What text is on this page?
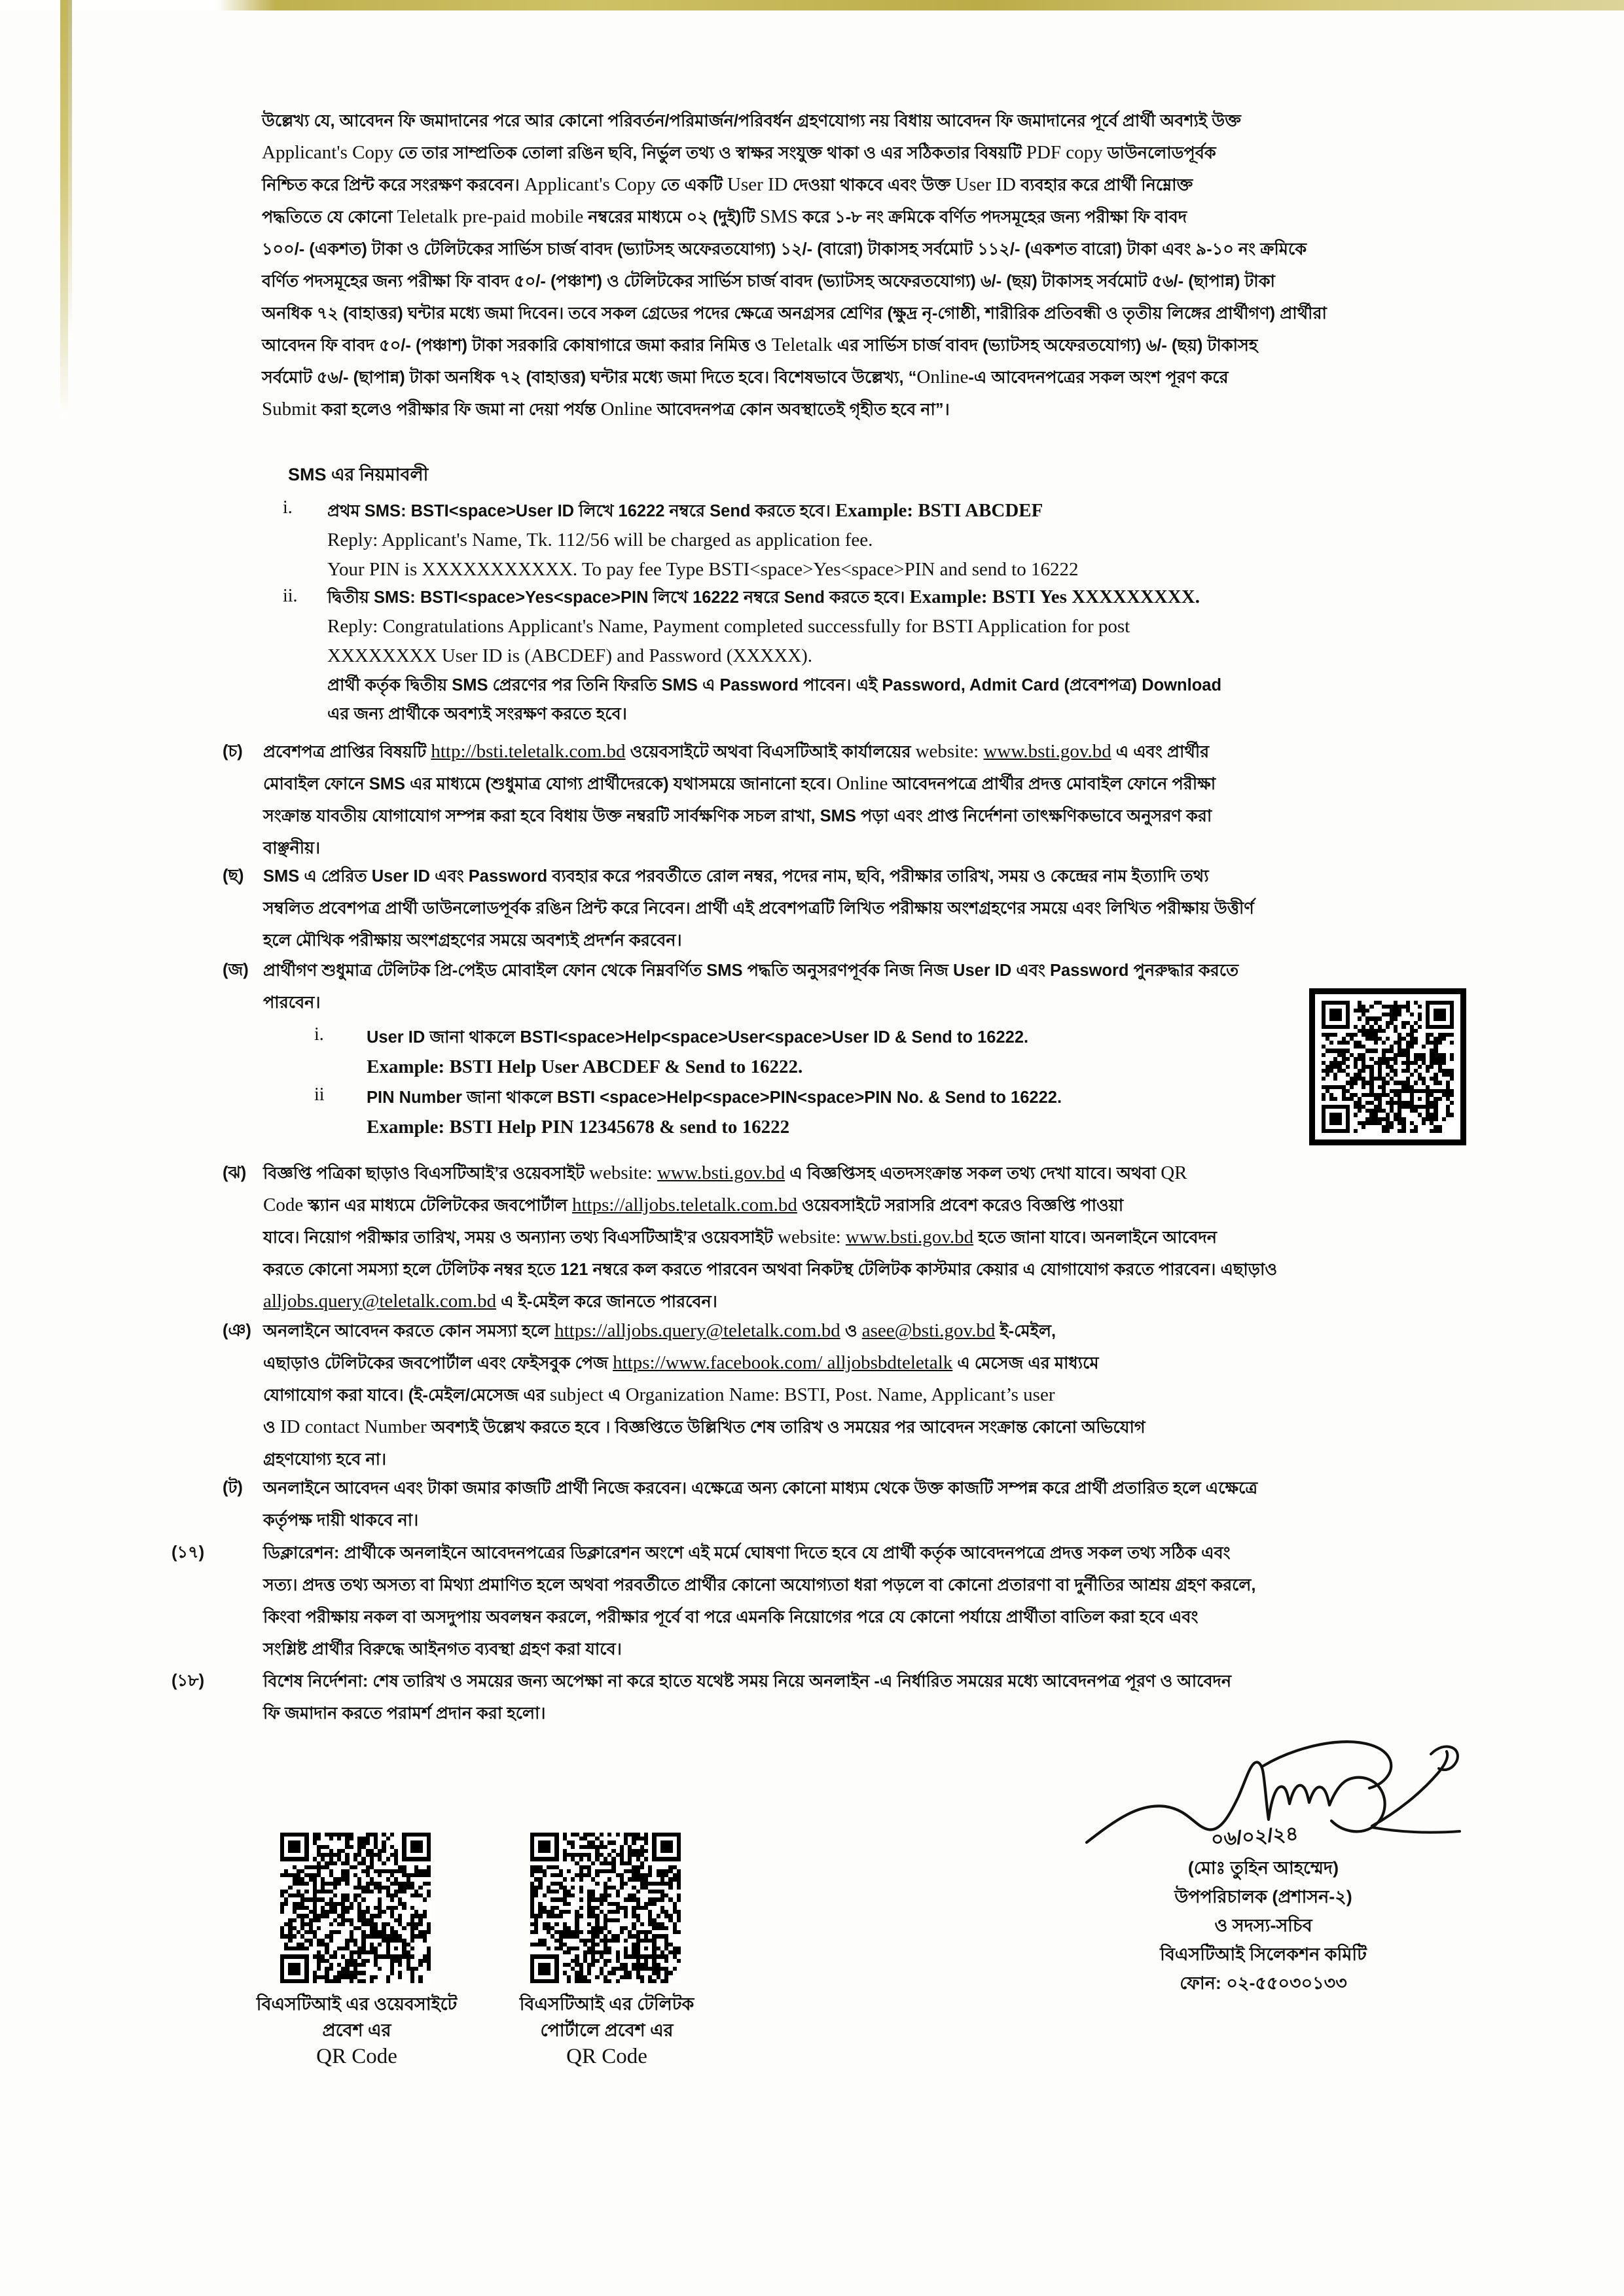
উল্লেখ্য যে, আবেদন ফি জমাদানের পরে আর কোনো পরিবর্তন/পরিমার্জন/পরিবর্ধন গ্রহণযোগ্য নয় বিধায় আবেদন ফি জমাদানের পূর্বে প্রার্থী অবশ্যই উক্ত
Applicant's Copy তে তার সাম্প্রতিক তোলা রঙিন ছবি, নির্ভুল তথ্য ও স্বাক্ষর সংযুক্ত থাকা ও এর সঠিকতার বিষয়টি PDF copy ডাউনলোডপূর্বক
নিশ্চিত করে প্রিন্ট করে সংরক্ষণ করবেন। Applicant's Copy তে একটি User ID দেওয়া থাকবে এবং উক্ত User ID ব্যবহার করে প্রার্থী নিম্নোক্ত
পদ্ধতিতে যে কোনো Teletalk pre-paid mobile নম্বরের মাধ্যমে ০২ (দুই)টি SMS করে ১-৮ নং ক্রমিকে বর্ণিত পদসমূহের জন্য পরীক্ষা ফি বাবদ
১০০/- (একশত) টাকা ও টেলিটকের সার্ভিস চার্জ বাবদ (ভ্যাটসহ অফেরতযোগ্য) ১২/- (বারো) টাকাসহ সর্বমোট ১১২/- (একশত বারো) টাকা এবং ৯-১০ নং ক্রমিকে
বর্ণিত পদসমূহের জন্য পরীক্ষা ফি বাবদ ৫০/- (পঞ্চাশ) ও টেলিটকের সার্ভিস চার্জ বাবদ (ভ্যাটসহ অফেরতযোগ্য) ৬/- (ছয়) টাকাসহ সর্বমোট ৫৬/- (ছাপান্ন) টাকা
অনধিক ৭২ (বাহাত্তর) ঘন্টার মধ্যে জমা দিবেন। তবে সকল গ্রেডের পদের ক্ষেত্রে অনগ্রসর শ্রেণির (ক্ষুদ্র নৃ-গোষ্ঠী, শারীরিক প্রতিবন্ধী ও তৃতীয় লিঙ্গের প্রার্থীগণ) প্রার্থীরা
আবেদন ফি বাবদ ৫০/- (পঞ্চাশ) টাকা সরকারি কোষাগারে জমা করার নিমিত্ত ও Teletalk এর সার্ভিস চার্জ বাবদ (ভ্যাটসহ অফেরতযোগ্য) ৬/- (ছয়) টাকাসহ
সর্বমোট ৫৬/- (ছাপান্ন) টাকা অনধিক ৭২ (বাহাত্তর) ঘন্টার মধ্যে জমা দিতে হবে। বিশেষভাবে উল্লেখ্য, “Online-এ আবেদনপত্রের সকল অংশ পূরণ করে
Submit করা হলেও পরীক্ষার ফি জমা না দেয়া পর্যন্ত Online আবেদনপত্র কোন অবস্থাতেই গৃহীত হবে না”।
SMS এর নিয়মাবলী
i. প্রথম SMS: BSTI<space>User ID লিখে 16222 নম্বরে Send করতে হবে। Example: BSTI ABCDEF
Reply: Applicant's Name, Tk. 112/56 will be charged as application fee.
Your PIN is XXXXXXXXXXX. To pay fee Type BSTI<space>Yes<space>PIN and send to 16222
ii. দ্বিতীয় SMS: BSTI<space>Yes<space>PIN লিখে 16222 নম্বরে Send করতে হবে। Example: BSTI Yes XXXXXXXXX.
Reply: Congratulations Applicant's Name, Payment completed successfully for BSTI Application for post
XXXXXXXX User ID is (ABCDEF) and Password (XXXXX).
প্রার্থী কর্তৃক দ্বিতীয় SMS প্রেরণের পর তিনি ফিরতি SMS এ Password পাবেন। এই Password, Admit Card (প্রবেশপত্র) Download
এর জন্য প্রার্থীকে অবশ্যই সংরক্ষণ করতে হবে।
(চ) প্রবেশপত্র প্রাপ্তির বিষয়টি http://bsti.teletalk.com.bd ওয়েবসাইটে অথবা বিএসটিআই কার্যালয়ের website: www.bsti.gov.bd এ এবং প্রার্থীর
মোবাইল ফোনে SMS এর মাধ্যমে (শুধুমাত্র যোগ্য প্রার্থীদেরকে) যথাসময়ে জানানো হবে। Online আবেদনপত্রে প্রার্থীর প্রদত্ত মোবাইল ফোনে পরীক্ষা
সংক্রান্ত যাবতীয় যোগাযোগ সম্পন্ন করা হবে বিধায় উক্ত নম্বরটি সার্বক্ষণিক সচল রাখা, SMS পড়া এবং প্রাপ্ত নির্দেশনা তাৎক্ষণিকভাবে অনুসরণ করা
বাঞ্ছনীয়।
(ছ) SMS এ প্রেরিত User ID এবং Password ব্যবহার করে পরবর্তীতে রোল নম্বর, পদের নাম, ছবি, পরীক্ষার তারিখ, সময় ও কেন্দ্রের নাম ইত্যাদি তথ্য
সম্বলিত প্রবেশপত্র প্রার্থী ডাউনলোডপূর্বক রঙিন প্রিন্ট করে নিবেন। প্রার্থী এই প্রবেশপত্রটি লিখিত পরীক্ষায় অংশগ্রহণের সময়ে এবং লিখিত পরীক্ষায় উত্তীর্ণ
হলে মৌখিক পরীক্ষায় অংশগ্রহণের সময়ে অবশ্যই প্রদর্শন করবেন।
(জ) প্রার্থীগণ শুধুমাত্র টেলিটক প্রি-পেইড মোবাইল ফোন থেকে নিম্নবর্ণিত SMS পদ্ধতি অনুসরণপূর্বক নিজ নিজ User ID এবং Password পুনরুদ্ধার করতে
পারবেন।
i.	User ID জানা থাকলে BSTI<space>Help<space>User<space>User ID & Send to 16222.
Example: BSTI Help User ABCDEF & Send to 16222.
ii	PIN Number জানা থাকলে BSTI <space>Help<space>PIN<space>PIN No. & Send to 16222.
Example: BSTI Help PIN 12345678 & send to 16222
(ঝ) বিজ্ঞপ্তি পত্রিকা ছাড়াও বিএসটিআই’র ওয়েবসাইট website: www.bsti.gov.bd এ বিজ্ঞপ্তিসহ এতদসংক্রান্ত সকল তথ্য দেখা যাবে। অথবা QR
Code স্ক্যান এর মাধ্যমে টেলিটকের জবপোর্টাল https://alljobs.teletalk.com.bd ওয়েবসাইটে সরাসরি প্রবেশ করেও বিজ্ঞপ্তি পাওয়া
যাবে। নিয়োগ পরীক্ষার তারিখ, সময় ও অন্যান্য তথ্য বিএসটিআই’র ওয়েবসাইট website: www.bsti.gov.bd হতে জানা যাবে। অনলাইনে আবেদন
করতে কোনো সমস্যা হলে টেলিটক নম্বর হতে 121 নম্বরে কল করতে পারবেন অথবা নিকটস্থ টেলিটক কাস্টমার কেয়ার এ যোগাযোগ করতে পারবেন। এছাড়াও
alljobs.query@teletalk.com.bd এ ই-মেইল করে জানতে পারবেন।
(ঞ) অনলাইনে আবেদন করতে কোন সমস্যা হলে https://alljobs.query@teletalk.com.bd ও asee@bsti.gov.bd ই-মেইল,
এছাড়াও টেলিটকের জবপোর্টাল এবং ফেইসবুক পেজ https://www.facebook.com/ alljobsbdteletalk এ মেসেজ এর মাধ্যমে
যোগাযোগ করা যাবে। (ই-মেইল/মেসেজ এর subject এ Organization Name: BSTI, Post. Name, Applicant’s user
ও ID contact Number অবশ্যই উল্লেখ করতে হবে । বিজ্ঞপ্তিতে উল্লিখিত শেষ তারিখ ও সময়ের পর আবেদন সংক্রান্ত কোনো অভিযোগ
গ্রহণযোগ্য হবে না।
(ট) অনলাইনে আবেদন এবং টাকা জমার কাজটি প্রার্থী নিজে করবেন। এক্ষেত্রে অন্য কোনো মাধ্যম থেকে উক্ত কাজটি সম্পন্ন করে প্রার্থী প্রতারিত হলে এক্ষেত্রে
কর্তৃপক্ষ দায়ী থাকবে না।
(১৭)	ডিক্লারেশন: প্রার্থীকে অনলাইনে আবেদনপত্রের ডিক্লারেশন অংশে এই মর্মে ঘোষণা দিতে হবে যে প্রার্থী কর্তৃক আবেদনপত্রে প্রদত্ত সকল তথ্য সঠিক এবং
সত্য। প্রদত্ত তথ্য অসত্য বা মিথ্যা প্রমাণিত হলে অথবা পরবর্তীতে প্রার্থীর কোনো অযোগ্যতা ধরা পড়লে বা কোনো প্রতারণা বা দুর্নীতির আশ্রয় গ্রহণ করলে,
কিংবা পরীক্ষায় নকল বা অসদুপায় অবলম্বন করলে, পরীক্ষার পূর্বে বা পরে এমনকি নিয়োগের পরে যে কোনো পর্যায়ে প্রার্থীতা বাতিল করা হবে এবং
সংশ্লিষ্ট প্রার্থীর বিরুদ্ধে আইনগত ব্যবস্থা গ্রহণ করা যাবে।
(১৮)	বিশেষ নির্দেশনা: শেষ তারিখ ও সময়ের জন্য অপেক্ষা না করে হাতে যথেষ্ট সময় নিয়ে অনলাইন -এ নির্ধারিত সময়ের মধ্যে আবেদনপত্র পূরণ ও আবেদন
ফি জমাদান করতে পরামর্শ প্রদান করা হলো।
০৬/০২/২৪
(মোঃ তুহিন আহম্মেদ)
উপপরিচালক (প্রশাসন-২)
ও সদস্য-সচিব
বিএসটিআই সিলেকশন কমিটি
ফোন: ০২-৫৫০৩০১৩৩
বিএসটিআই এর ওয়েবসাইটে
প্রবেশ এর
QR Code
বিএসটিআই এর টেলিটক
পোর্টালে প্রবেশ এর
QR Code
